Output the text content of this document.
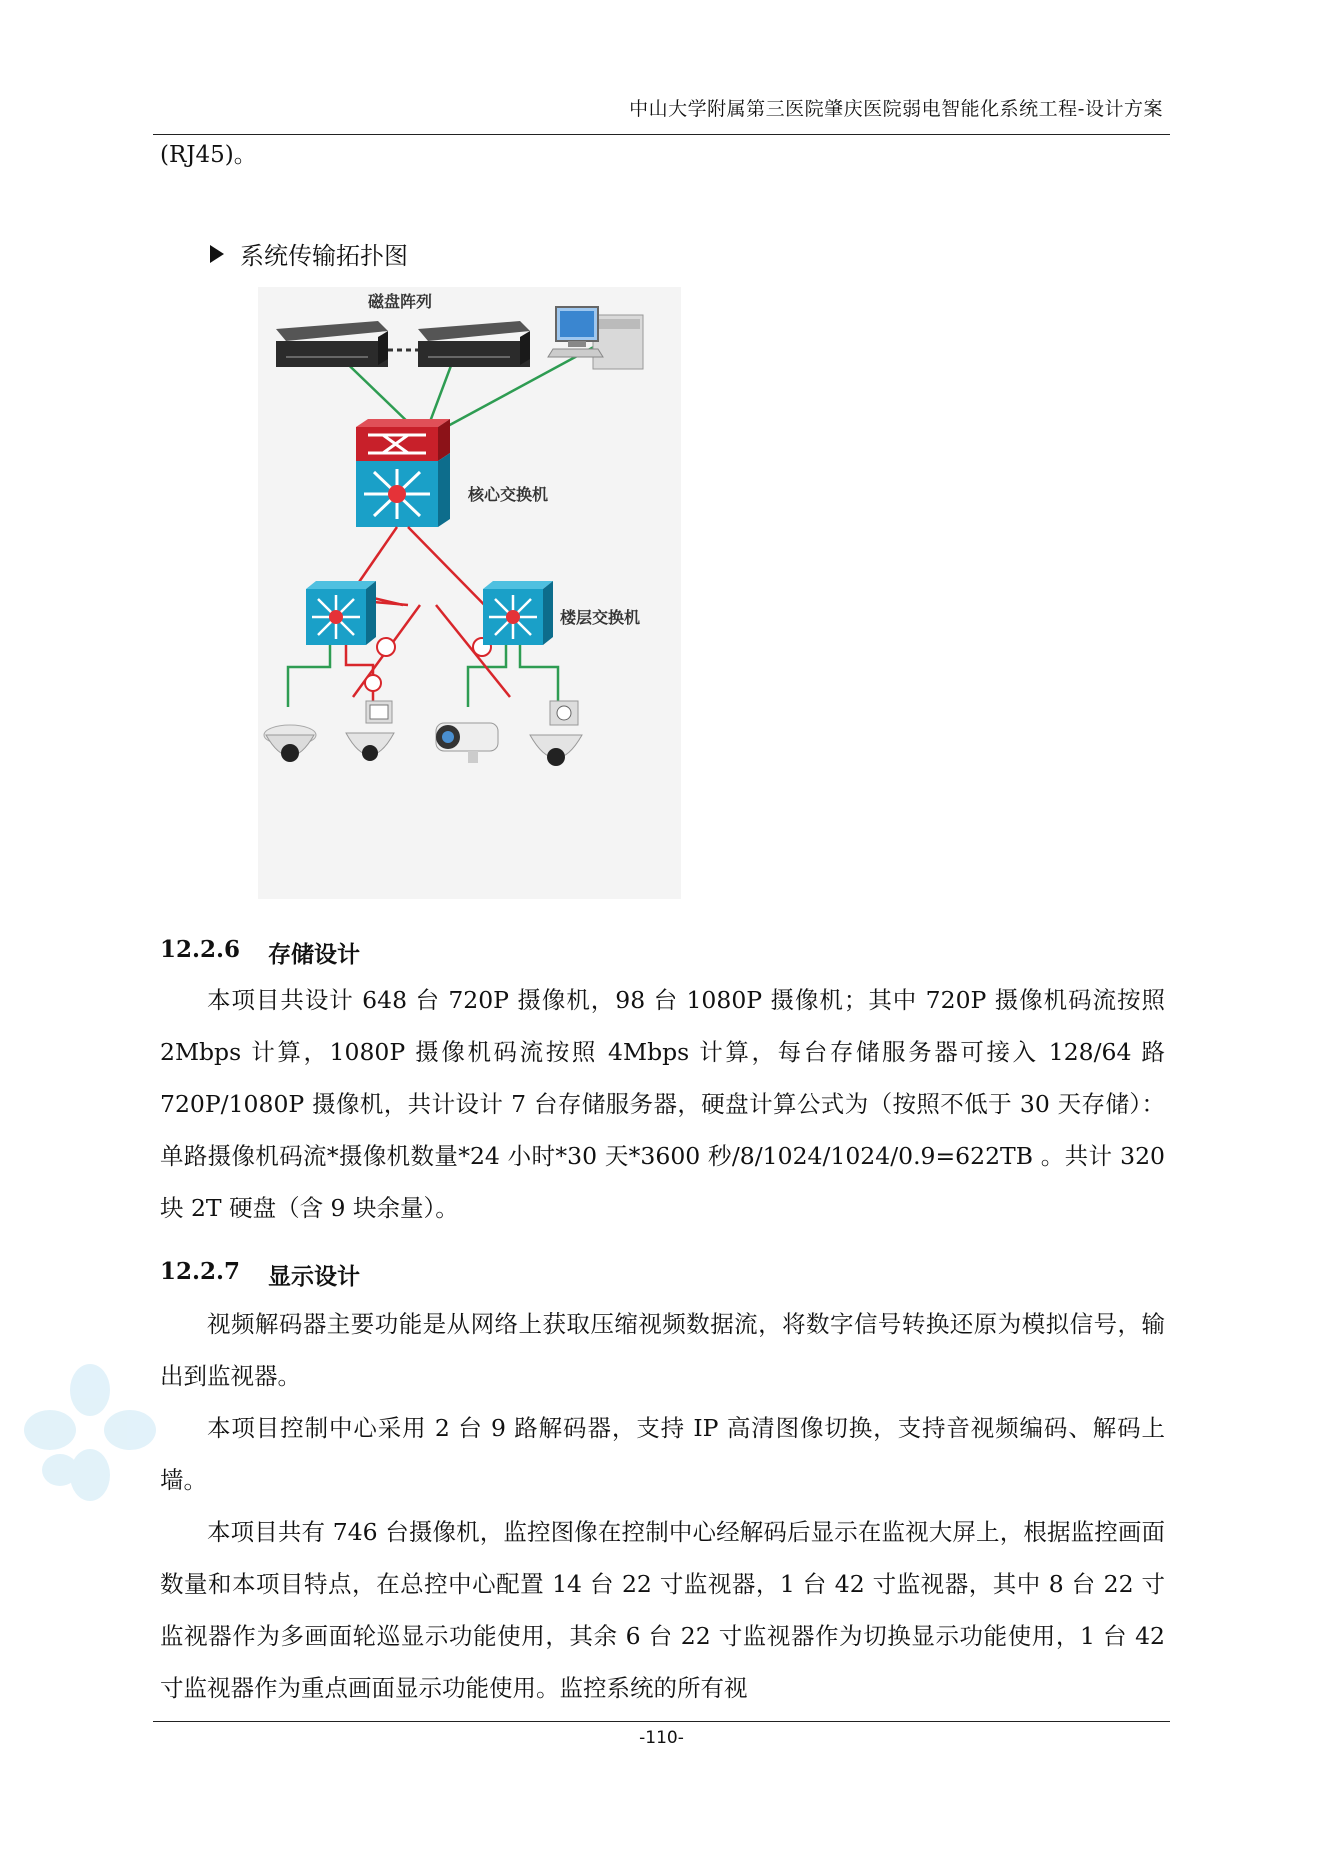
中山大学附属第三医院肇庆医院弱电智能化系统工程-设计方案
(RJ45)。
系统传输拓扑图
磁盘阵列
核心交换机
楼层交换机
12.2.6 存储设计

本项目共设计 648 台 720P 摄像机，98 台 1080P 摄像机；其中 720P 摄像机码流按照 2Mbps 计算，1080P 摄像机码流按照 4Mbps 计算，每台存储服务器可接入 128/64 路 720P/1080P 摄像机，共计设计 7 台存储服务器，硬盘计算公式为（按照不低于 30 天存储）：单路摄像机码流*摄像机数量*24 小时*30 天*3600 秒/8/1024/1024/0.9=622TB 。共计 320 块 2T 硬盘（含 9 块余量）。

12.2.7 显示设计

视频解码器主要功能是从网络上获取压缩视频数据流，将数字信号转换还原为模拟信号，输出到监视器。

本项目控制中心采用 2 台 9 路解码器，支持 IP 高清图像切换，支持音视频编码、解码上墙。

本项目共有 746 台摄像机，监控图像在控制中心经解码后显示在监视大屏上，根据监控画面数量和本项目特点，在总控中心配置 14 台 22 寸监视器，1 台 42 寸监视器，其中 8 台 22 寸监视器作为多画面轮巡显示功能使用，其余 6 台 22 寸监视器作为切换显示功能使用，1 台 42 寸监视器作为重点画面显示功能使用。监控系统的所有视

-110-
